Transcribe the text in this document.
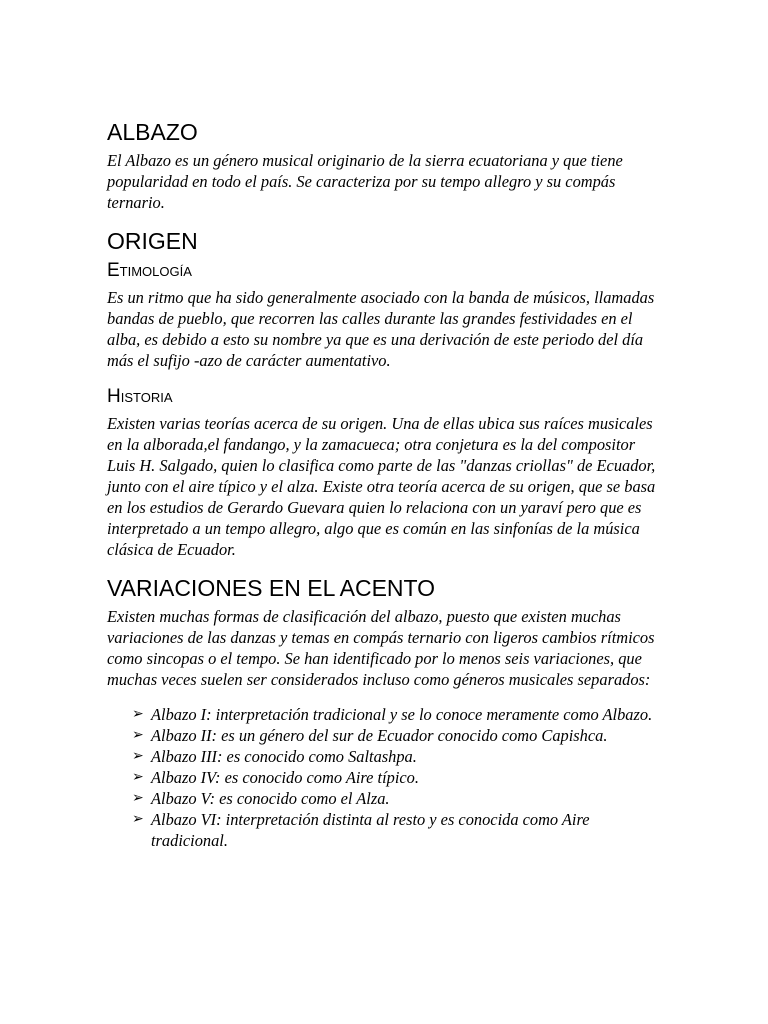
ALBAZO

El Albazo es un género musical originario de la sierra ecuatoriana y que tiene popularidad en todo el país. Se caracteriza por su tempo allegro y su compás ternario.

ORIGEN
Etimología

Es un ritmo que ha sido generalmente asociado con la banda de músicos, llamadas bandas de pueblo, que recorren las calles durante las grandes festividades en el alba, es debido a esto su nombre ya que es una derivación de este periodo del día más el sufijo -azo de carácter aumentativo.

Historia

Existen varias teorías acerca de su origen. Una de ellas ubica sus raíces musicales en la alborada,el fandango, y la zamacueca; otra conjetura es la del compositor Luis H. Salgado, quien lo clasifica como parte de las "danzas criollas" de Ecuador, junto con el aire típico y el alza. Existe otra teoría acerca de su origen, que se basa en los estudios de Gerardo Guevara quien lo relaciona con un yaraví pero que es interpretado a un tempo allegro, algo que es común en las sinfonías de la música clásica de Ecuador.

VARIACIONES EN EL ACENTO

Existen muchas formas de clasificación del albazo, puesto que existen muchas variaciones de las danzas y temas en compás ternario con ligeros cambios rítmicos como sincopas o el tempo. Se han identificado por lo menos seis variaciones, que muchas veces suelen ser considerados incluso como géneros musicales separados:

➢ Albazo I: interpretación tradicional y se lo conoce meramente como Albazo.
➢ Albazo II: es un género del sur de Ecuador conocido como Capishca.
➢ Albazo III: es conocido como Saltashpa.
➢ Albazo IV: es conocido como Aire típico.
➢ Albazo V: es conocido como el Alza.
➢ Albazo VI: interpretación distinta al resto y es conocida como Aire tradicional.
